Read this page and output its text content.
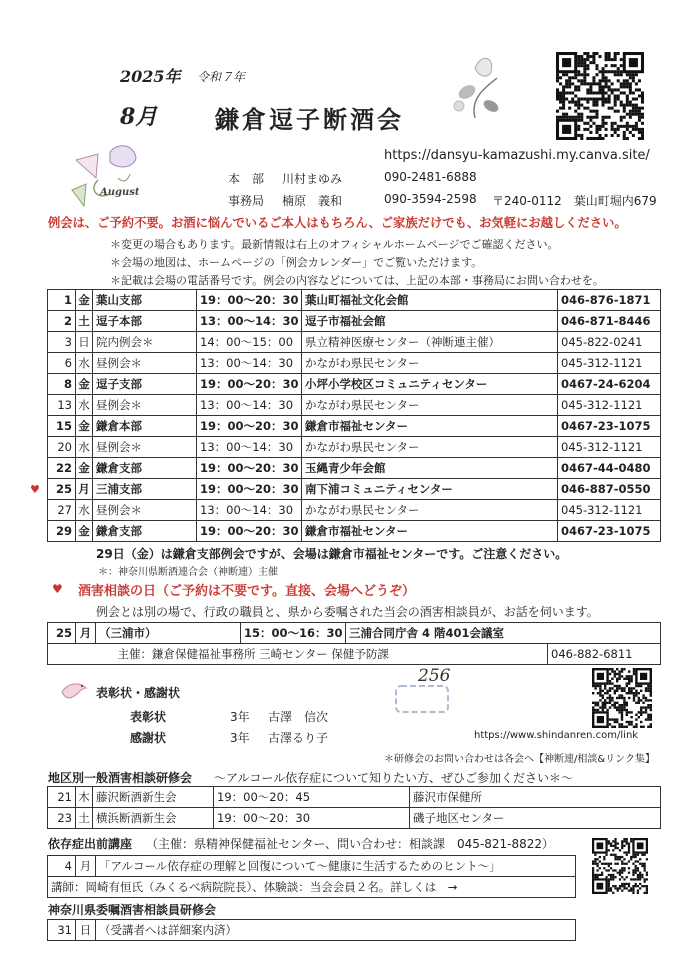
2025年 令和７年
8月 鎌倉逗子断酒会
August
https://dansyu-kamazushi.my.canva.site/
本　部 川村まゆみ	090-2481-6888
事務局 楠原　義和	090-3594-2598 〒240-0112　葉山町堀内679
例会は、ご予約不要。お酒に悩んでいるご本人はもちろん、ご家族だけでも、お気軽にお越しください。
＊変更の場合もあります。最新情報は右上のオフィシャルホームページでご確認ください。
＊会場の地図は、ホームページの「例会カレンダー」でご覧いただけます。
＊記載は会場の電話番号です。例会の内容などについては、上記の本部・事務局にお問い合わせを。
1	金	葉山支部	19：00〜20：30	葉山町福祉文化会館	046-876-1871
2	土	逗子本部	13：00〜14：30	逗子市福祉会館	046-871-8446
3	日	院内例会＊	14：00〜15：00	県立精神医療センター（神断連主催）	045-822-0241
6	水	昼例会＊	13：00〜14：30	かながわ県民センター	045-312-1121
8	金	逗子支部	19：00〜20：30	小坪小学校区コミュニティセンター	0467-24-6204
13	水	昼例会＊	13：00〜14：30	かながわ県民センター	045-312-1121
15	金	鎌倉本部	19：00〜20：30	鎌倉市福祉センター	0467-23-1075
20	水	昼例会＊	13：00〜14：30	かながわ県民センター	045-312-1121
22	金	鎌倉支部	19：00〜20：30	玉縄青少年会館	0467-44-0480
25	月	三浦支部	19：00〜20：30	南下浦コミュニティセンター	046-887-0550
27	水	昼例会＊	13：00〜14：30	かながわ県民センター	045-312-1121
29	金	鎌倉支部	19：00〜20：30	鎌倉市福祉センター	0467-23-1075
♥
29日（金）は鎌倉支部例会ですが、会場は鎌倉市福祉センターです。ご注意ください。
＊：神奈川県断酒連合会（神断連）主催
♥ 酒害相談の日（ご予約は不要です。直接、会場へどうぞ）
例会とは別の場で、行政の職員と、県から委嘱された当会の酒害相談員が、お話を伺います。
25	月	（三浦市）	15：00〜16：30	三浦合同庁舎 4 階401会議室	
	主催：鎌倉保健福祉事務所 三崎センター 保健予防課				046-882-6811
表彰状・感謝状
表彰状	3年 古澤　信次
感謝状	3年 古澤るり子
256
https://www.shindanren.com/link
＊研修会のお問い合わせは各会へ【神断連/相談&リンク集】
地区別一般酒害相談研修会 〜アルコール依存症について知りたい方、ぜひご参加ください＊〜
21	木	藤沢断酒新生会	19：00〜20：45	藤沢市保健所
23	土	横浜断酒新生会	19：00〜20：30	磯子地区センター
依存症出前講座 （主催：県精神保健福祉センター、問い合わせ：相談課　045-821-8822）
4	月	「アルコール依存症の理解と回復について〜健康に生活するためのヒント〜」
講師：岡崎有恒氏（みくるべ病院院長）、体験談：当会会員２名。詳しくは　→
神奈川県委嘱酒害相談員研修会
31	日	（受講者へは詳細案内済）
